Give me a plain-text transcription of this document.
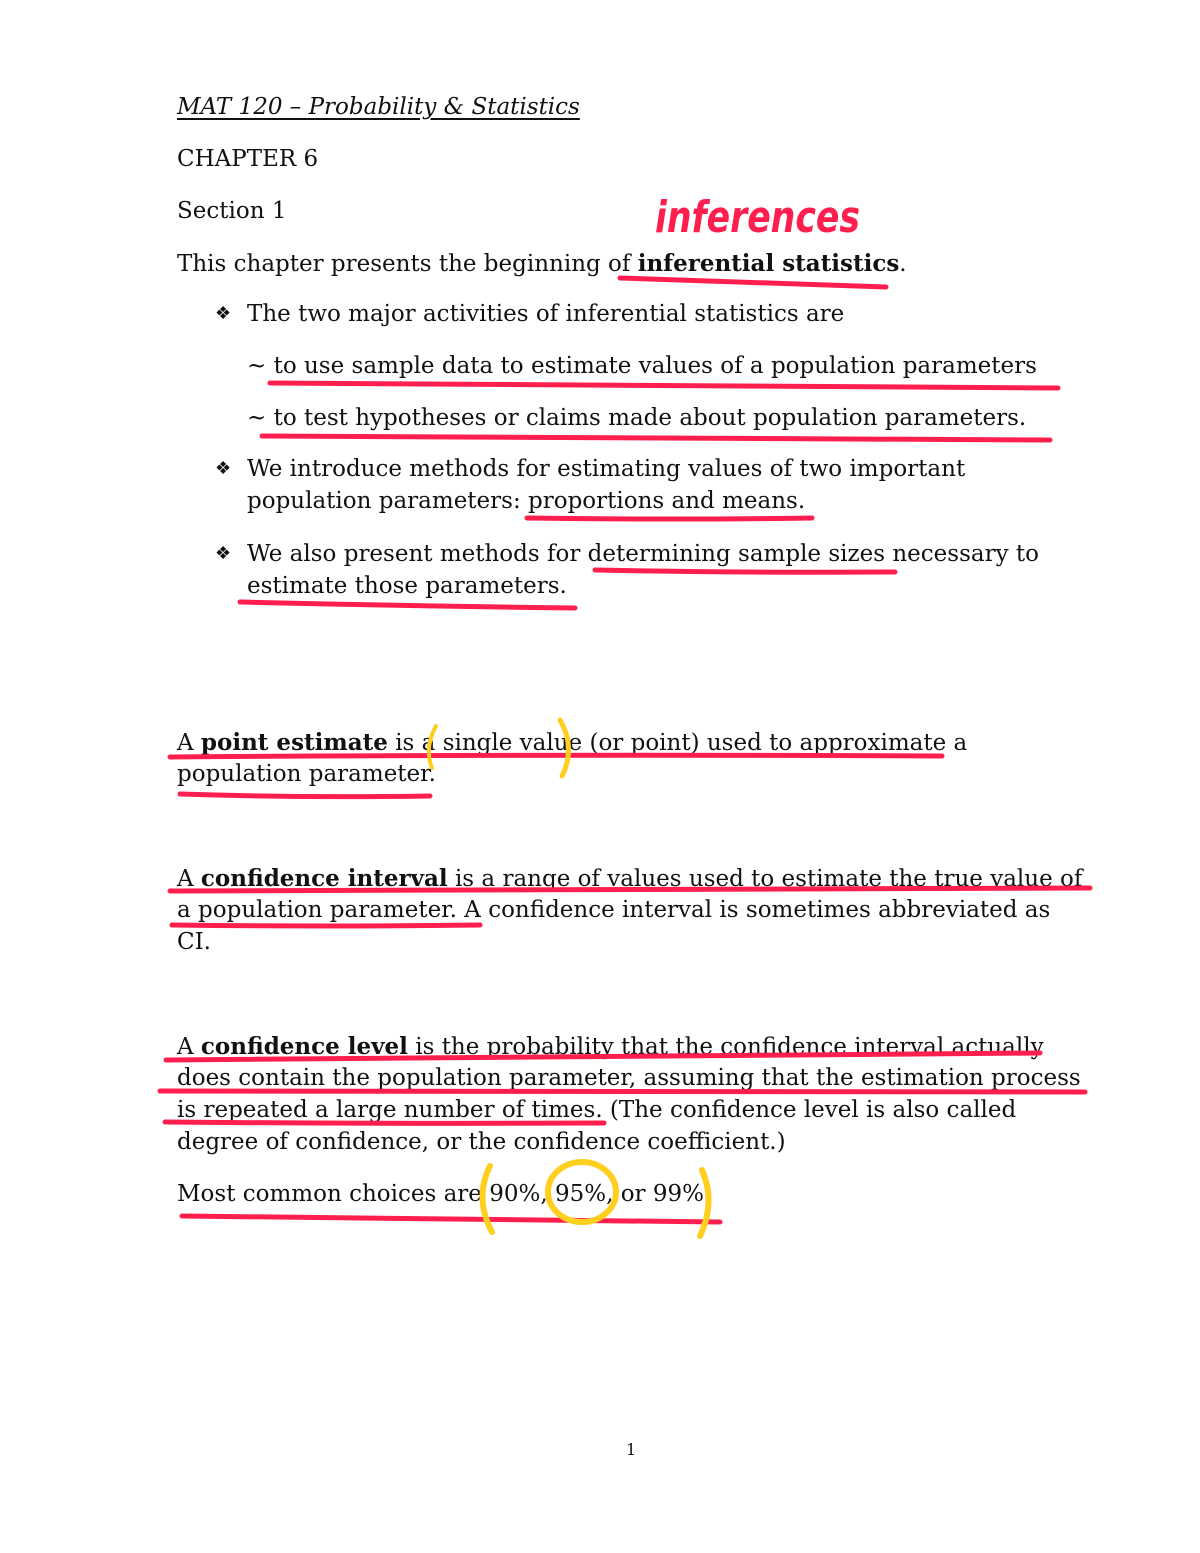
MAT 120 – Probability & Statistics
CHAPTER 6
Section 1
This chapter presents the beginning of inferential statistics.
❖ The two major activities of inferential statistics are
~ to use sample data to estimate values of a population parameters
~ to test hypotheses or claims made about population parameters.
❖ We introduce methods for estimating values of two important
population parameters: proportions and means.
❖ We also present methods for determining sample sizes necessary to
estimate those parameters.
A point estimate is a single value (or point) used to approximate a
population parameter.
A confidence interval is a range of values used to estimate the true value of
a population parameter. A confidence interval is sometimes abbreviated as
CI.
A confidence level is the probability that the confidence interval actually
does contain the population parameter, assuming that the estimation process
is repeated a large number of times. (The confidence level is also called
degree of confidence, or the confidence coefficient.)
Most common choices are 90%, 95%, or 99%.
1
inferences
